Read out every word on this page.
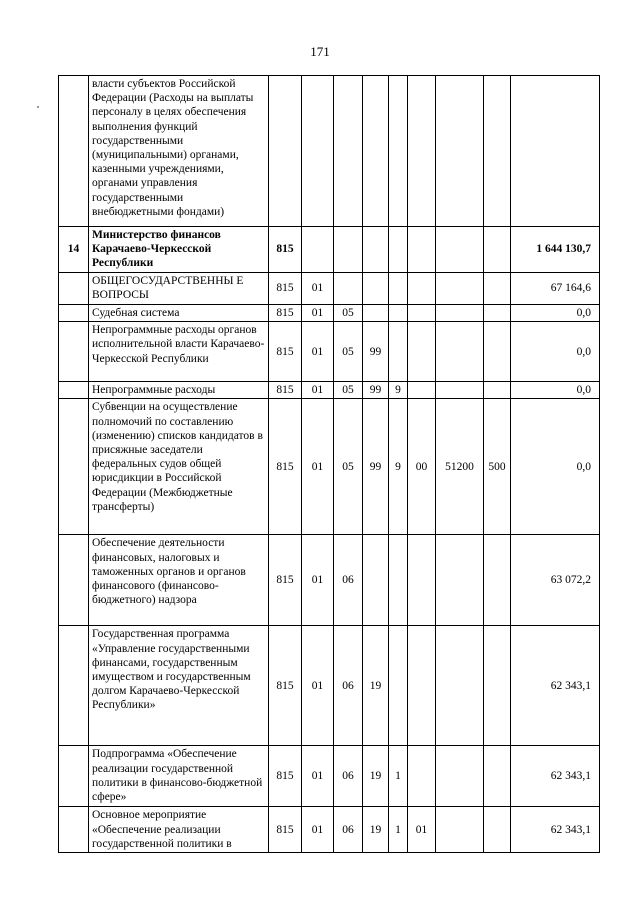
171
	власти субъектов Российской Федерации (Расходы на выплаты персоналу в целях обеспечения выполнения функций государственными (муниципальными) органами, казенными учреждениями, органами управления государственными внебюджетными фондами)									
14	Министерство финансов Карачаево-Черкесской Республики	815								1 644 130,7
	ОБЩЕГОСУДАРСТВЕННЫ Е ВОПРОСЫ	815	01							67 164,6
	Судебная система	815	01	05						0,0
	Непрограммные расходы органов исполнительной власти Карачаево-Черкесской Республики	815	01	05	99					0,0
	Непрограммные расходы	815	01	05	99	9				0,0
	Субвенции на осуществление полномочий по составлению (изменению) списков кандидатов в присяжные заседатели федеральных судов общей юрисдикции в Российской Федерации (Межбюджетные трансферты)	815	01	05	99	9	00	51200	500	0,0
	Обеспечение деятельности финансовых, налоговых и таможенных органов и органов финансового (финансово-бюджетного) надзора	815	01	06						63 072,2
	Государственная программа «Управление государственными финансами, государственным имуществом и государственным долгом Карачаево-Черкесской Республики»	815	01	06	19					62 343,1
	Подпрограмма «Обеспечение реализации государственной политики в финансово-бюджетной сфере»	815	01	06	19	1				62 343,1
	Основное мероприятие «Обеспечение реализации государственной политики в	815	01	06	19	1	01			62 343,1
